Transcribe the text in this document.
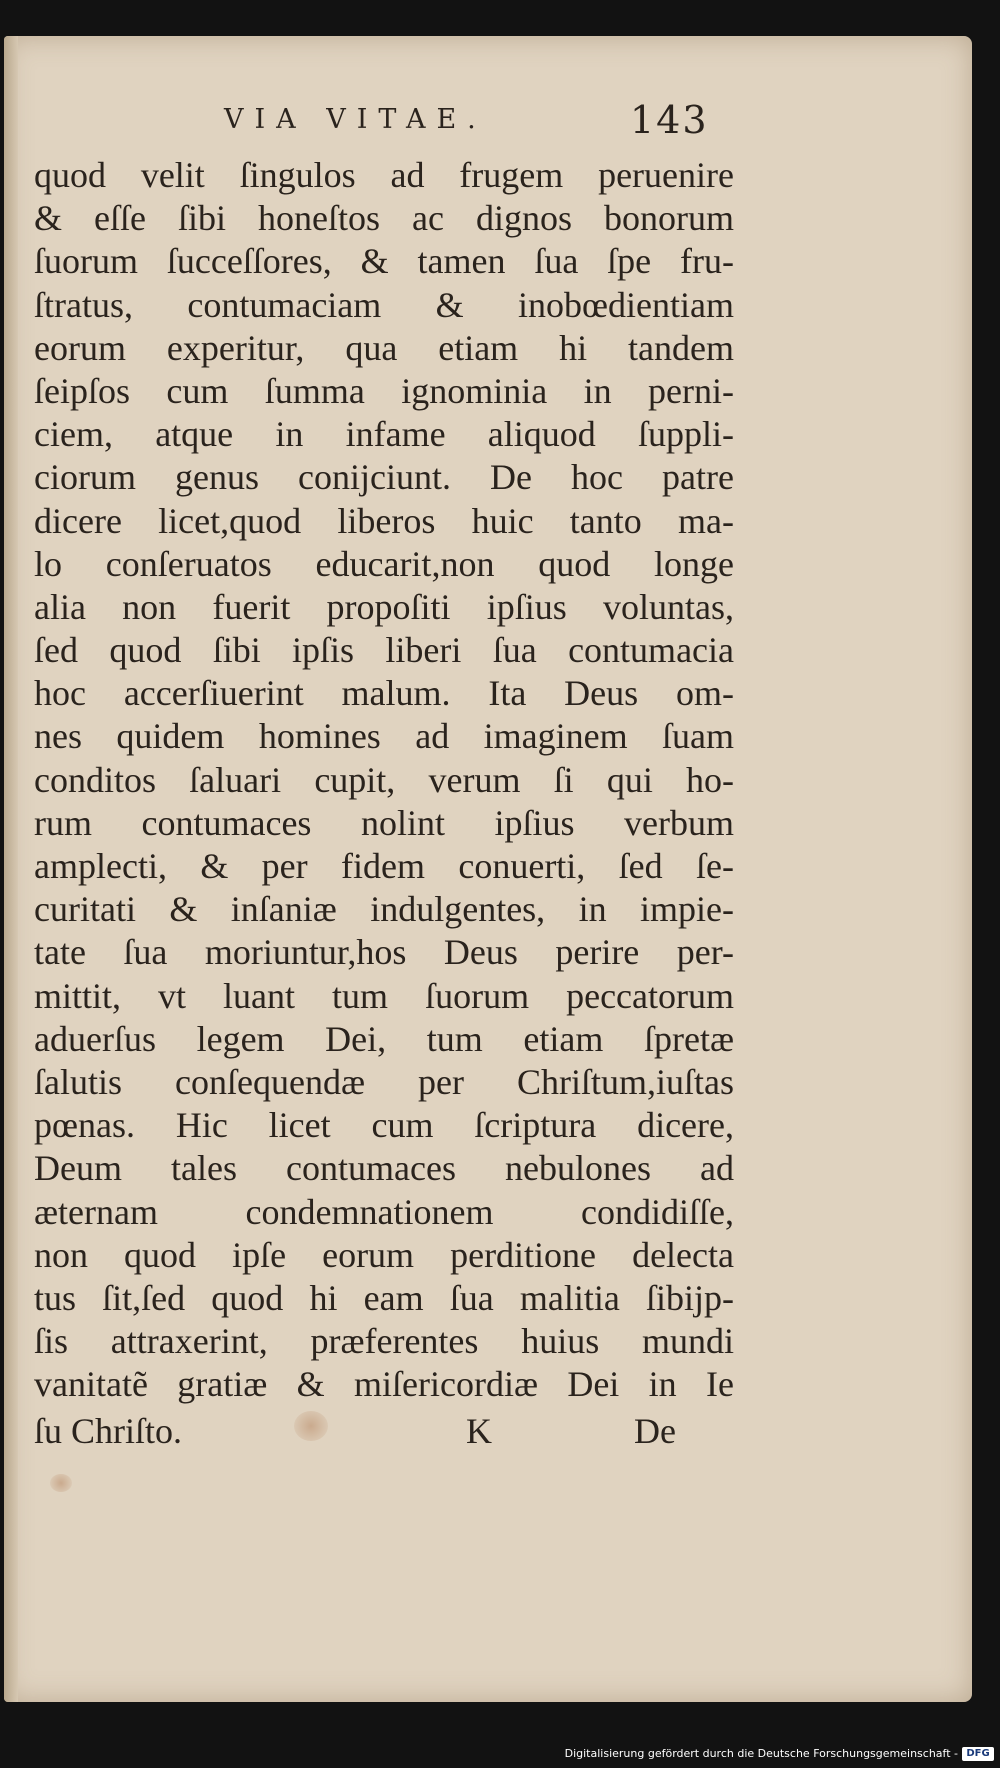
VIA VITAE.	143
quod velit ſingulos ad frugem peruenire
& eſſe ſibi honeſtos ac dignos bonorum
ſuorum ſucceſſores, & tamen ſua ſpe fru-
ſtratus, contumaciam & inobœdientiam
eorum experitur, qua etiam hi tandem
ſeipſos cum ſumma ignominia in perni-
ciem, atque in infame aliquod ſuppli-
ciorum genus conijciunt. De hoc patre
dicere licet,quod liberos huic tanto ma-
lo conſeruatos educarit,non quod longe
alia non fuerit propoſiti ipſius voluntas,
ſed quod ſibi ipſis liberi ſua contumacia
hoc accerſiuerint malum. Ita Deus om-
nes quidem homines ad imaginem ſuam
conditos ſaluari cupit, verum ſi qui ho-
rum contumaces nolint ipſius verbum
amplecti, & per fidem conuerti, ſed ſe-
curitati & inſaniæ indulgentes, in impie-
tate ſua moriuntur,hos Deus perire per-
mittit, vt luant tum ſuorum peccatorum
aduerſus legem Dei, tum etiam ſpretæ
ſalutis conſequendæ per Chriſtum,iuſtas
pœnas. Hic licet cum ſcriptura dicere,
Deum tales contumaces nebulones ad
æternam condemnationem condidiſſe,
non quod ipſe eorum perditione delecta
tus ſit,ſed quod hi eam ſua malitia ſibijp-
ſis attraxerint, præferentes huius mundi
vanitatẽ gratiæ & miſericordiæ Dei in Ie
ſu Chriſto.	K	De
Digitalisierung gefördert durch die Deutsche Forschungsgemeinschaft - DFG
